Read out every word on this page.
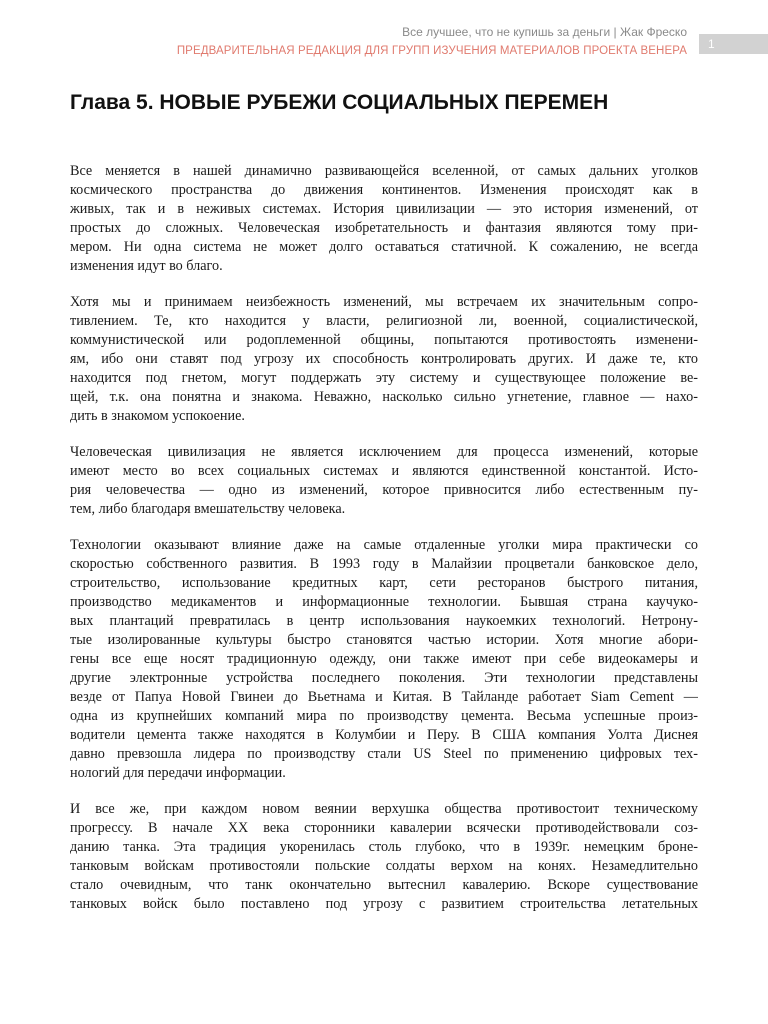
Все лучшее, что не купишь за деньги | Жак Фреско
ПРЕДВАРИТЕЛЬНАЯ РЕДАКЦИЯ ДЛЯ ГРУПП ИЗУЧЕНИЯ МАТЕРИАЛОВ ПРОЕКТА ВЕНЕРА	1
Глава 5. НОВЫЕ РУБЕЖИ СОЦИАЛЬНЫХ ПЕРЕМЕН
Все меняется в нашей динамично развивающейся вселенной, от самых дальних уголков
космического пространства до движения континентов. Изменения происходят как в
живых, так и в неживых системах. История цивилизации — это история изменений, от
простых до сложных. Человеческая изобретательность и фантазия являются тому при-
мером. Ни одна система не может долго оставаться статичной. К сожалению, не всегда
изменения идут во благо.
Хотя мы и принимаем неизбежность изменений, мы встречаем их значительным сопро-
тивлением. Те, кто находится у власти, религиозной ли, военной, социалистической,
коммунистической или родоплеменной общины, попытаются противостоять изменени-
ям, ибо они ставят под угрозу их способность контролировать других. И даже те, кто
находится под гнетом, могут поддержать эту систему и существующее положение ве-
щей, т.к. она понятна и знакома. Неважно, насколько сильно угнетение, главное — нахо-
дить в знакомом успокоение.
Человеческая цивилизация не является исключением для процесса изменений, которые
имеют место во всех социальных системах и являются единственной константой. Исто-
рия человечества — одно из изменений, которое привносится либо естественным пу-
тем, либо благодаря вмешательству человека.
Технологии оказывают влияние даже на самые отдаленные уголки мира практически со
скоростью собственного развития. В 1993 году в Малайзии процветали банковское дело,
строительство, использование кредитных карт, сети ресторанов быстрого питания,
производство медикаментов и информационные технологии. Бывшая страна каучуко-
вых плантаций превратилась в центр использования наукоемких технологий. Нетрону-
тые изолированные культуры быстро становятся частью истории. Хотя многие абори-
гены все еще носят традиционную одежду, они также имеют при себе видеокамеры и
другие электронные устройства последнего поколения. Эти технологии представлены
везде от Папуа Новой Гвинеи до Вьетнама и Китая. В Тайланде работает Siam Cement —
одна из крупнейших компаний мира по производству цемента. Весьма успешные произ-
водители цемента также находятся в Колумбии и Перу. В США компания Уолта Диснея
давно превзошла лидера по производству стали US Steel по применению цифровых тех-
нологий для передачи информации.
И все же, при каждом новом веянии верхушка общества противостоит техническому
прогрессу. В начале XX века сторонники кавалерии всячески противодействовали соз-
данию танка. Эта традиция укоренилась столь глубоко, что в 1939г. немецким броне-
танковым войскам противостояли польские солдаты верхом на конях. Незамедлительно
стало очевидным, что танк окончательно вытеснил кавалерию. Вскоре существование
танковых войск было поставлено под угрозу с развитием строительства летательных
